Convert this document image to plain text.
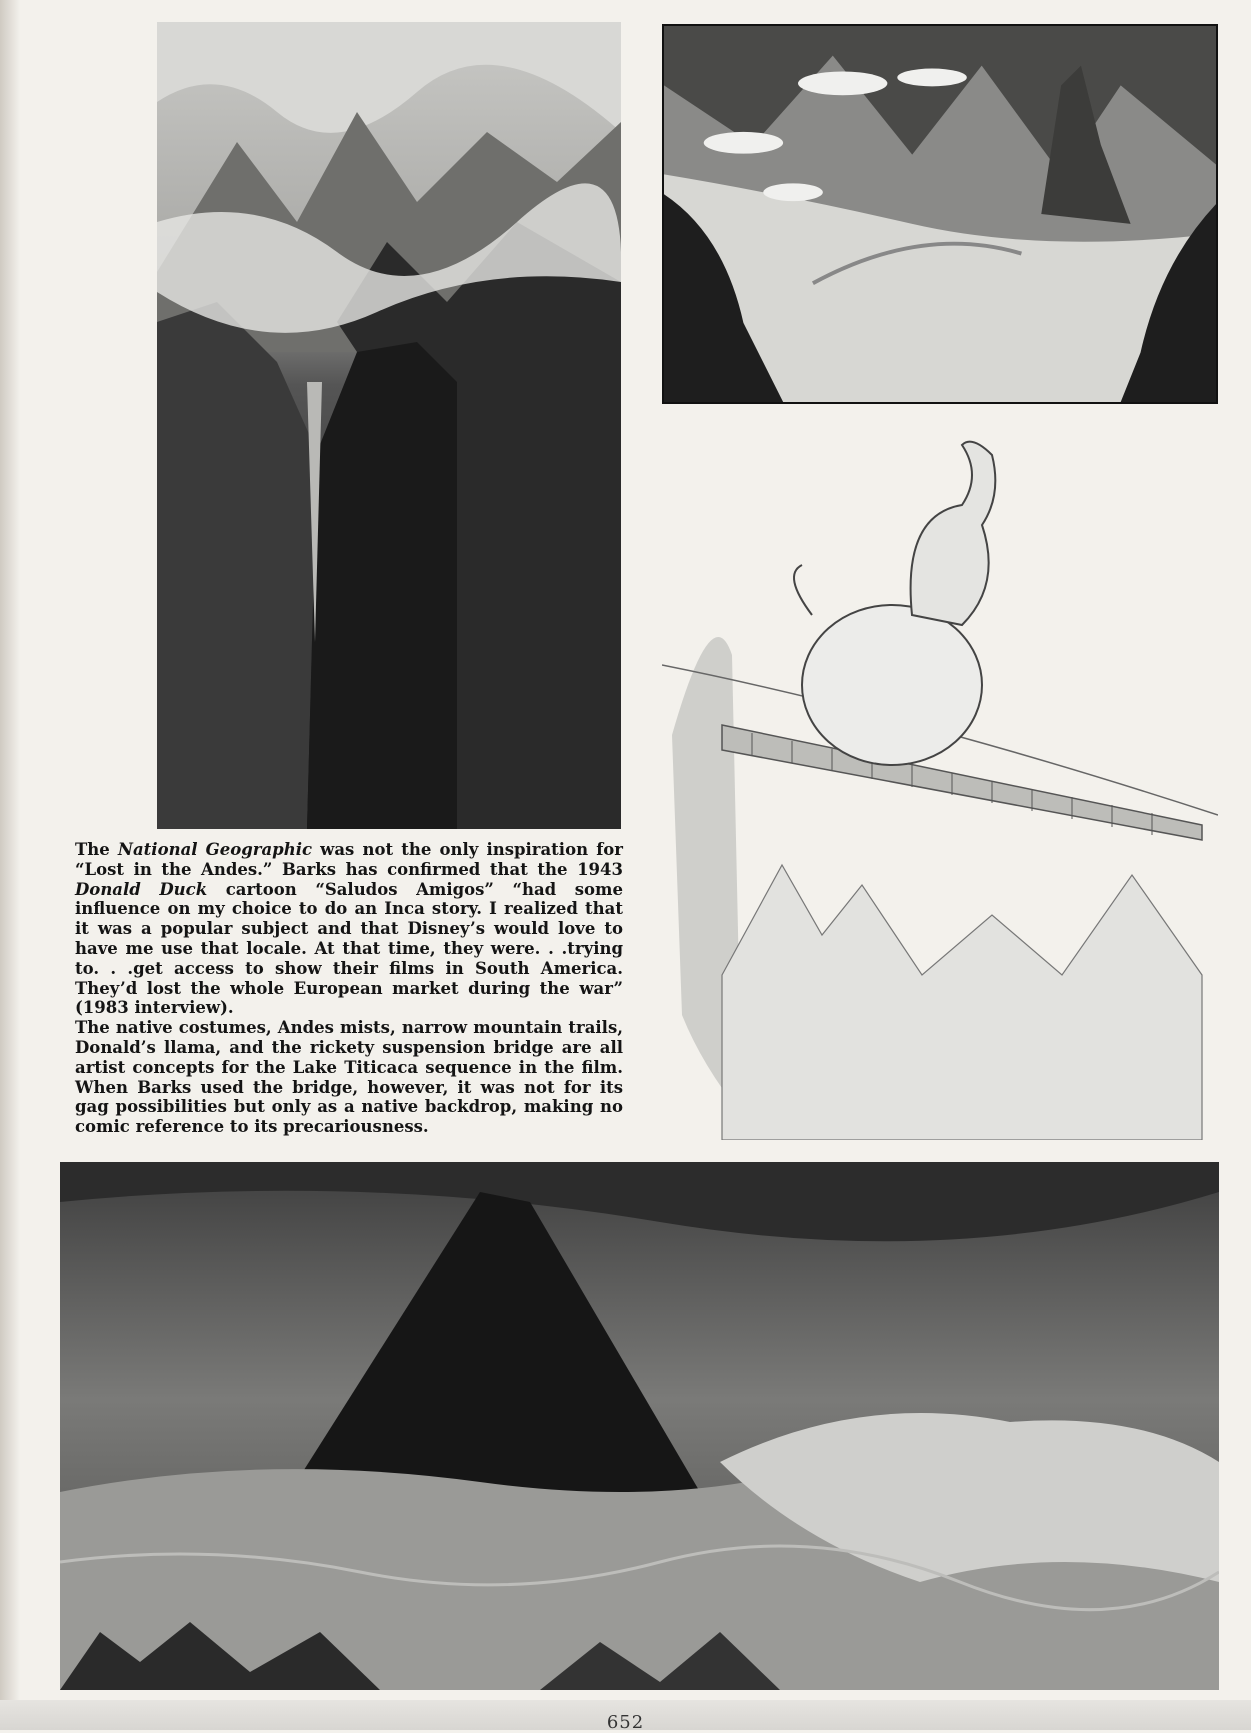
The National Geographic was not the only inspiration for “Lost in the Andes.” Barks has confirmed that the 1943 Donald Duck cartoon “Saludos Amigos” “had some influence on my choice to do an Inca story. I realized that it was a popular subject and that Disney’s would love to have me use that locale. At that time, they were. . .trying to. . .get access to show their films in South America. They’d lost the whole European market during the war” (1983 interview).

The native costumes, Andes mists, narrow mountain trails, Donald’s llama, and the rickety suspension bridge are all artist concepts for the Lake Titicaca sequence in the film. When Barks used the bridge, however, it was not for its gag possibilities but only as a native backdrop, making no comic reference to its precariousness.

652
